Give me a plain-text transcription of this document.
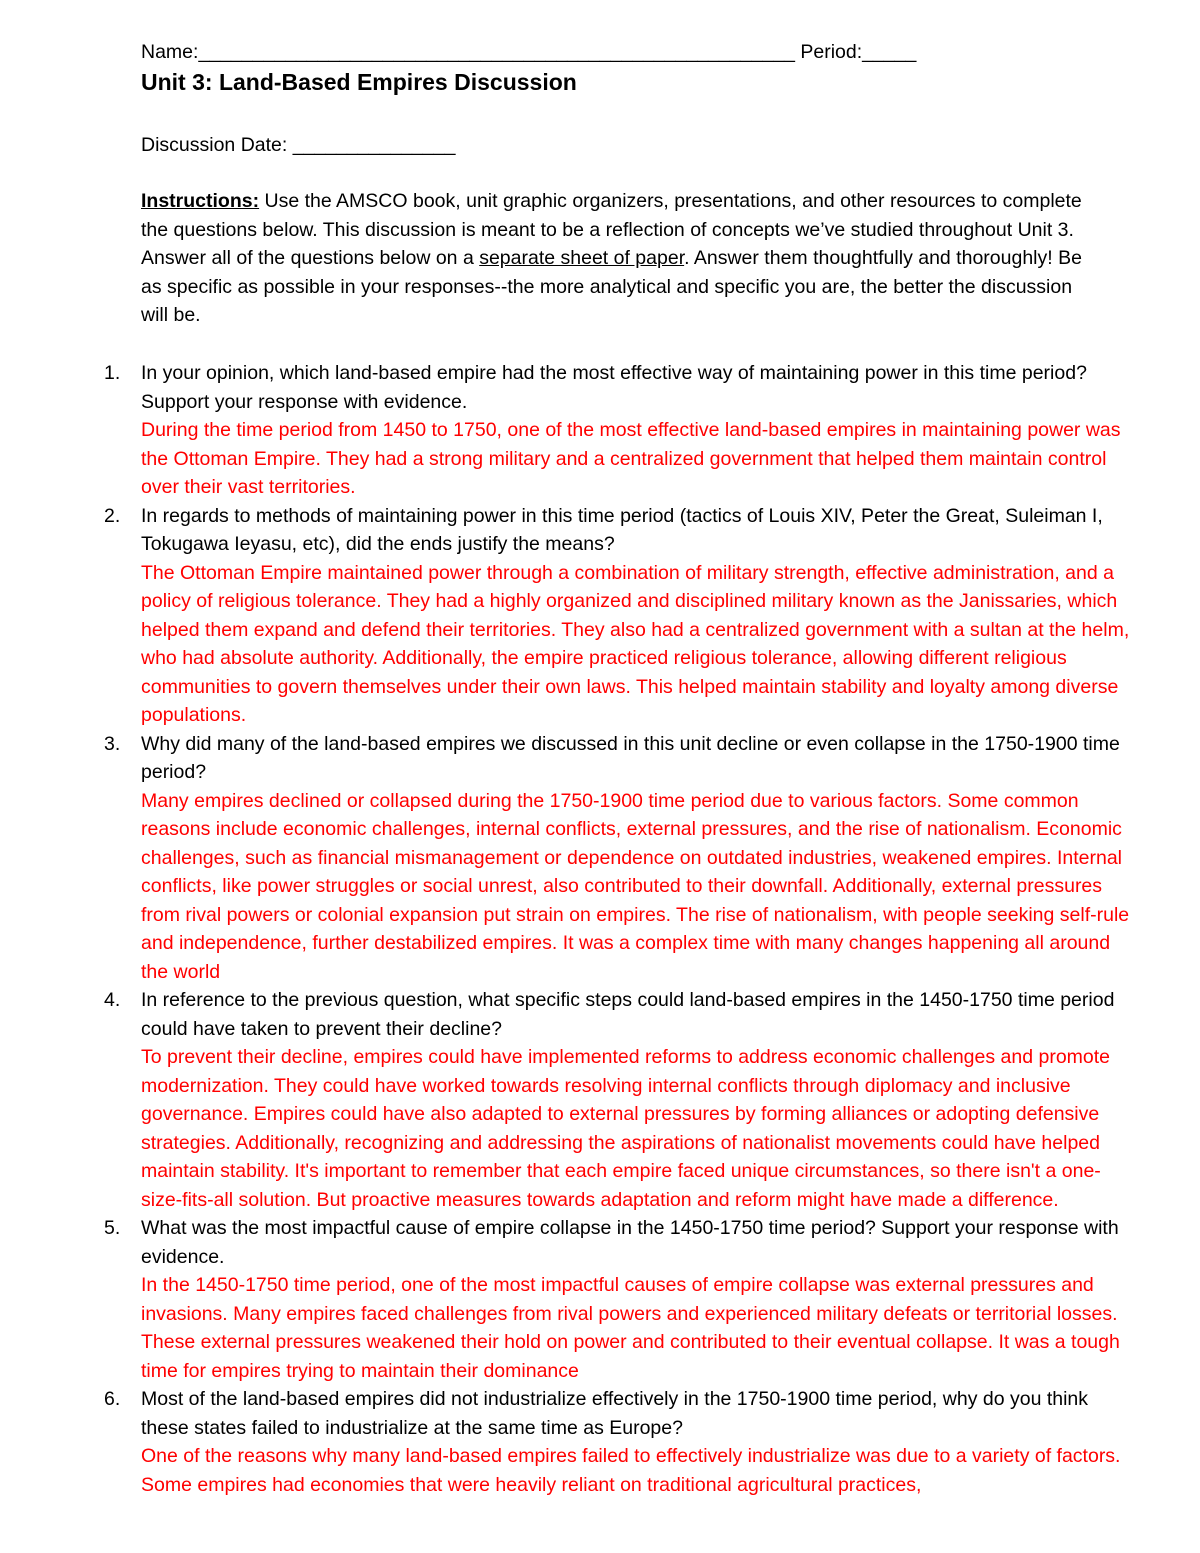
Name:_______________________________________________________ Period:_____
Unit 3: Land-Based Empires Discussion
Discussion Date: _______________
Instructions: Use the AMSCO book, unit graphic organizers, presentations, and other resources to complete the questions below. This discussion is meant to be a reflection of concepts we’ve studied throughout Unit 3. Answer all of the questions below on a separate sheet of paper. Answer them thoughtfully and thoroughly! Be as specific as possible in your responses--the more analytical and specific you are, the better the discussion will be.
1. In your opinion, which land-based empire had the most effective way of maintaining power in this time period? Support your response with evidence.
During the time period from 1450 to 1750, one of the most effective land-based empires in maintaining power was the Ottoman Empire. They had a strong military and a centralized government that helped them maintain control over their vast territories.
2. In regards to methods of maintaining power in this time period (tactics of Louis XIV, Peter the Great, Suleiman I, Tokugawa Ieyasu, etc), did the ends justify the means?
The Ottoman Empire maintained power through a combination of military strength, effective administration, and a policy of religious tolerance. They had a highly organized and disciplined military known as the Janissaries, which helped them expand and defend their territories. They also had a centralized government with a sultan at the helm, who had absolute authority. Additionally, the empire practiced religious tolerance, allowing different religious communities to govern themselves under their own laws. This helped maintain stability and loyalty among diverse populations.
3. Why did many of the land-based empires we discussed in this unit decline or even collapse in the 1750-1900 time period?
Many empires declined or collapsed during the 1750-1900 time period due to various factors. Some common reasons include economic challenges, internal conflicts, external pressures, and the rise of nationalism. Economic challenges, such as financial mismanagement or dependence on outdated industries, weakened empires. Internal conflicts, like power struggles or social unrest, also contributed to their downfall. Additionally, external pressures from rival powers or colonial expansion put strain on empires. The rise of nationalism, with people seeking self-rule and independence, further destabilized empires. It was a complex time with many changes happening all around the world
4. In reference to the previous question, what specific steps could land-based empires in the 1450-1750 time period could have taken to prevent their decline?
To prevent their decline, empires could have implemented reforms to address economic challenges and promote modernization. They could have worked towards resolving internal conflicts through diplomacy and inclusive governance. Empires could have also adapted to external pressures by forming alliances or adopting defensive strategies. Additionally, recognizing and addressing the aspirations of nationalist movements could have helped maintain stability. It's important to remember that each empire faced unique circumstances, so there isn't a one-size-fits-all solution. But proactive measures towards adaptation and reform might have made a difference.
5. What was the most impactful cause of empire collapse in the 1450-1750 time period? Support your response with evidence.
In the 1450-1750 time period, one of the most impactful causes of empire collapse was external pressures and invasions. Many empires faced challenges from rival powers and experienced military defeats or territorial losses. These external pressures weakened their hold on power and contributed to their eventual collapse. It was a tough time for empires trying to maintain their dominance
6. Most of the land-based empires did not industrialize effectively in the 1750-1900 time period, why do you think these states failed to industrialize at the same time as Europe?
One of the reasons why many land-based empires failed to effectively industrialize was due to a variety of factors. Some empires had economies that were heavily reliant on traditional agricultural practices,
